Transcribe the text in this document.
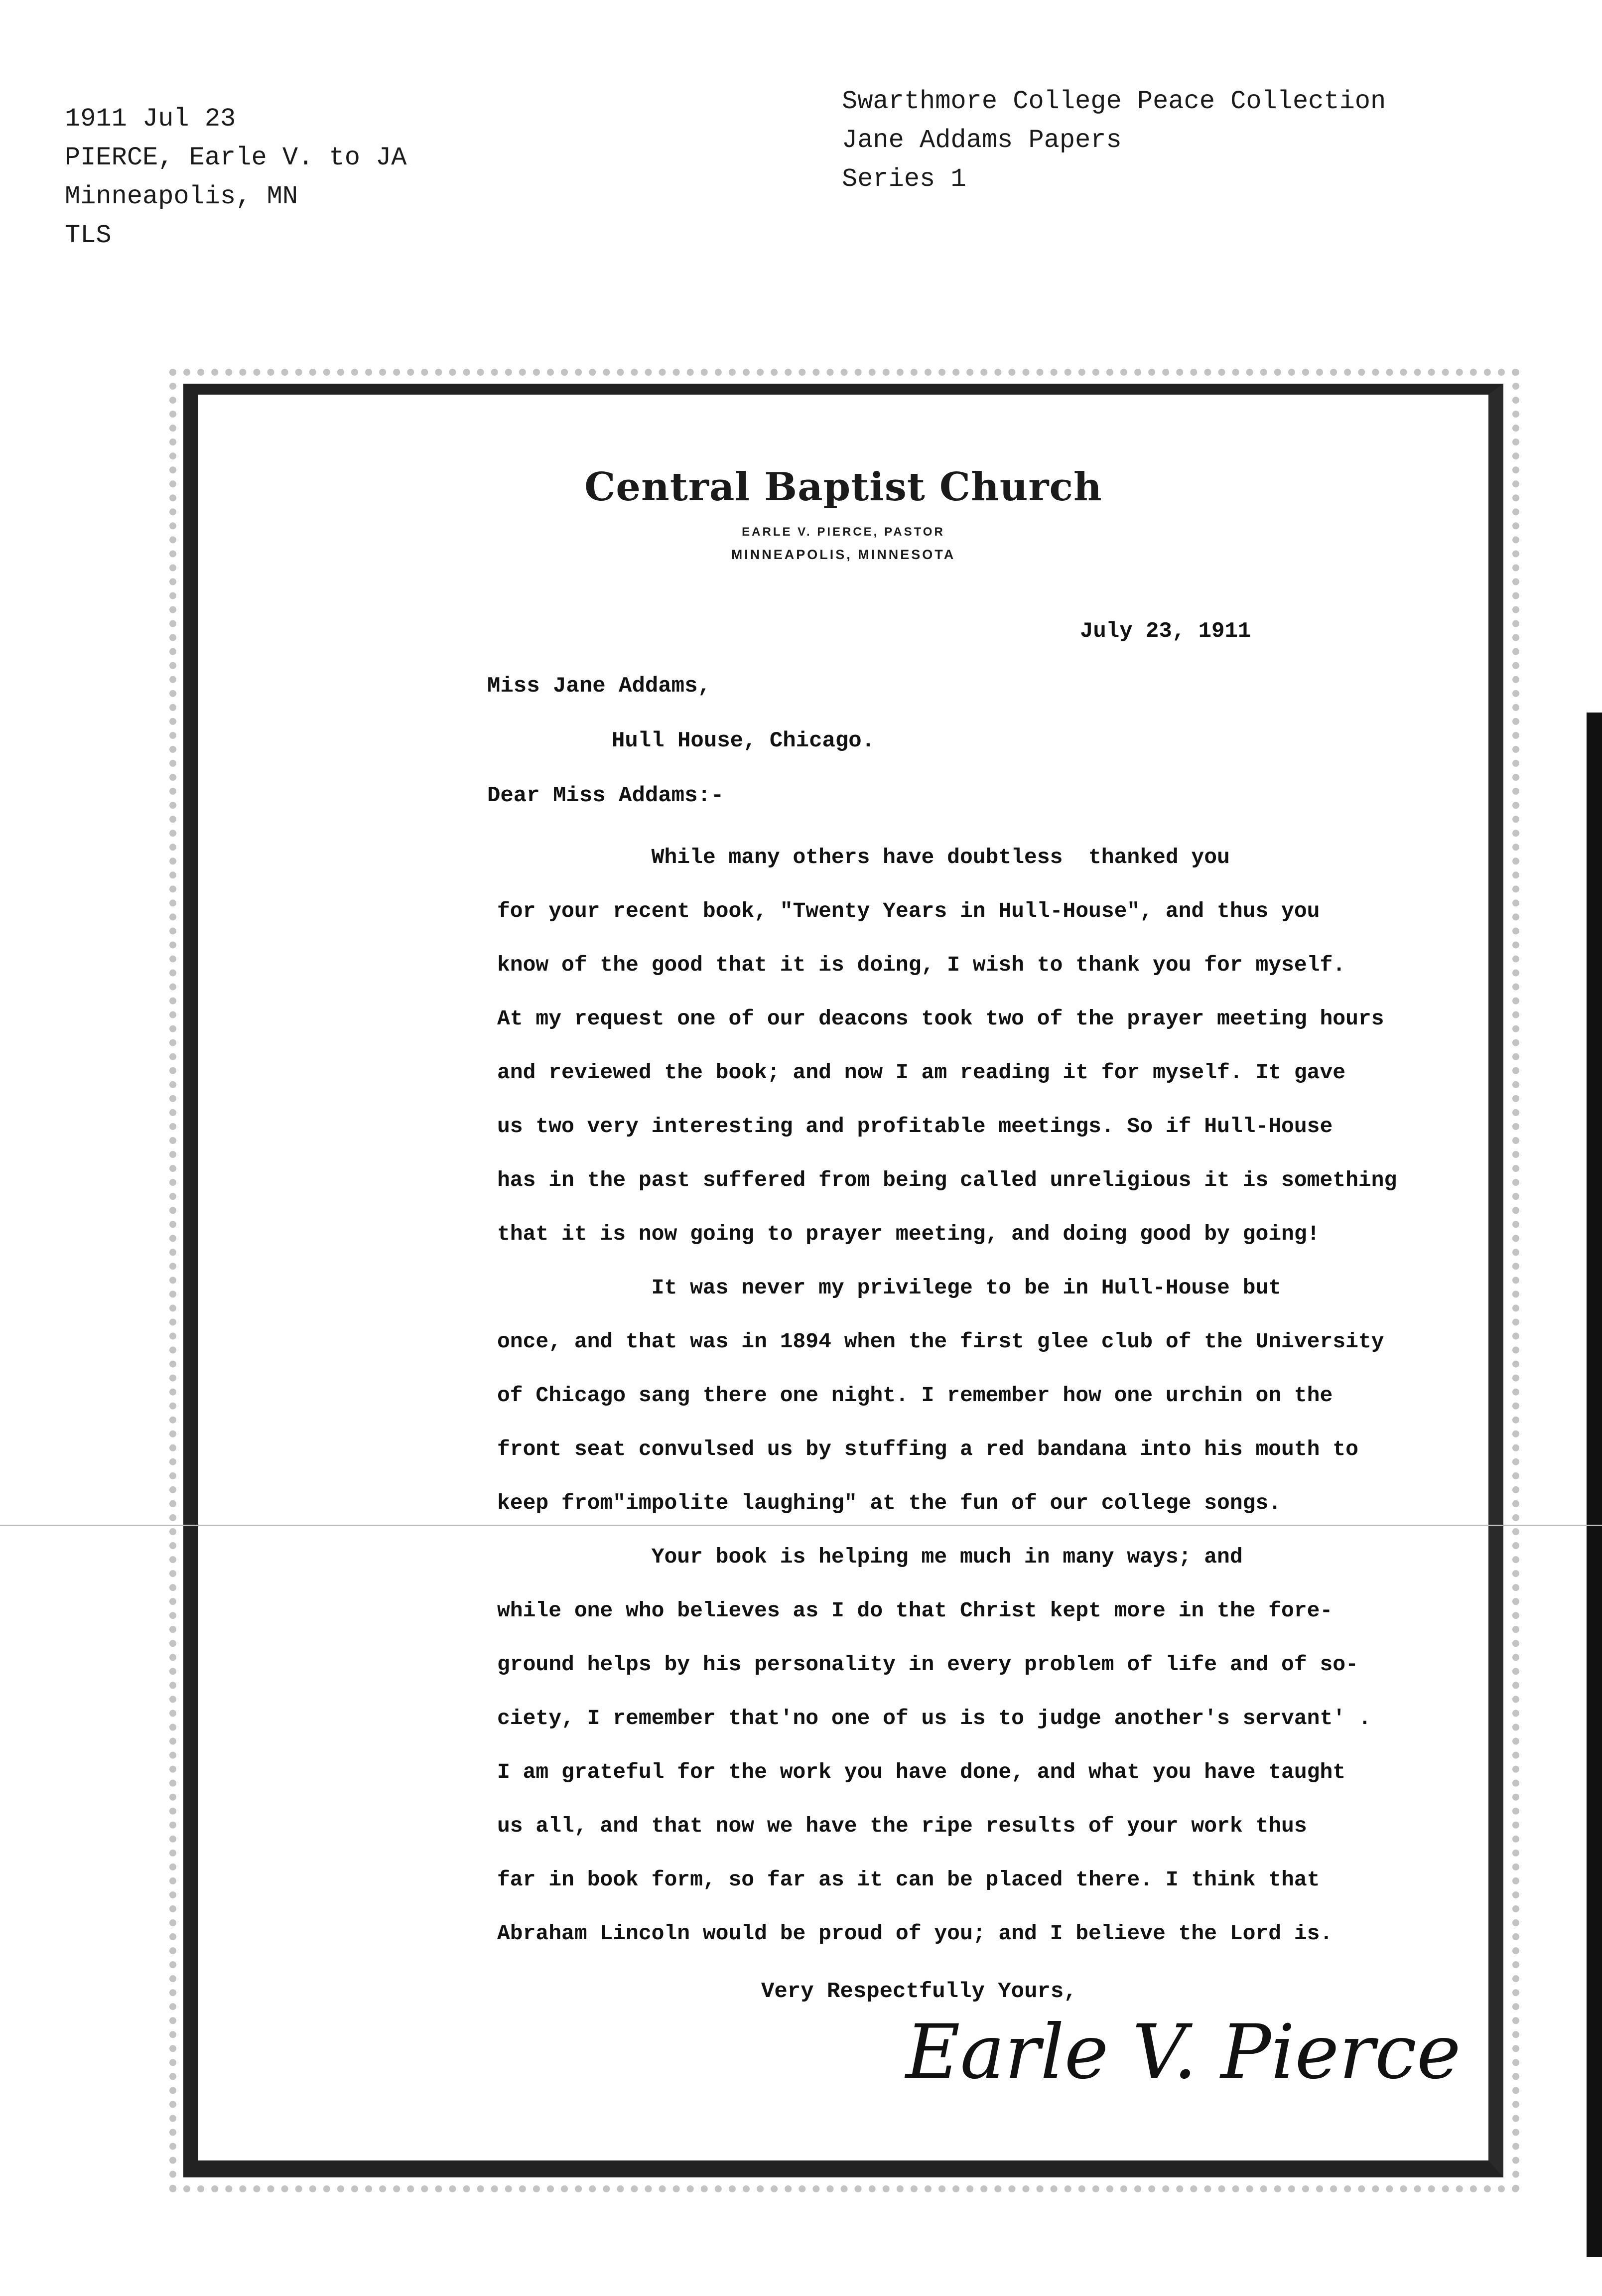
1911 Jul 23
PIERCE, Earle V. to JA
Minneapolis, MN
TLS
Swarthmore College Peace Collection
Jane Addams Papers
Series 1
Central Baptist Church
EARLE V. PIERCE, PASTOR
MINNEAPOLIS, MINNESOTA
July 23, 1911
Miss Jane Addams,
Hull House, Chicago.
Dear Miss Addams:-
While many others have doubtless  thanked you
for your recent book, "Twenty Years in Hull-House", and thus you
know of the good that it is doing, I wish to thank you for myself.
At my request one of our deacons took two of the prayer meeting hours
and reviewed the book; and now I am reading it for myself. It gave
us two very interesting and profitable meetings. So if Hull-House
has in the past suffered from being called unreligious it is something
that it is now going to prayer meeting, and doing good by going!
It was never my privilege to be in Hull-House but
once, and that was in 1894 when the first glee club of the University
of Chicago sang there one night. I remember how one urchin on the
front seat convulsed us by stuffing a red bandana into his mouth to
keep from"impolite laughing" at the fun of our college songs.
Your book is helping me much in many ways; and
while one who believes as I do that Christ kept more in the fore-
ground helps by his personality in every problem of life and of so-
ciety, I remember that'no one of us is to judge another's servant' .
I am grateful for the work you have done, and what you have taught
us all, and that now we have the ripe results of your work thus
far in book form, so far as it can be placed there. I think that
Abraham Lincoln would be proud of you; and I believe the Lord is.
Very Respectfully Yours,
Earle V. Pierce
